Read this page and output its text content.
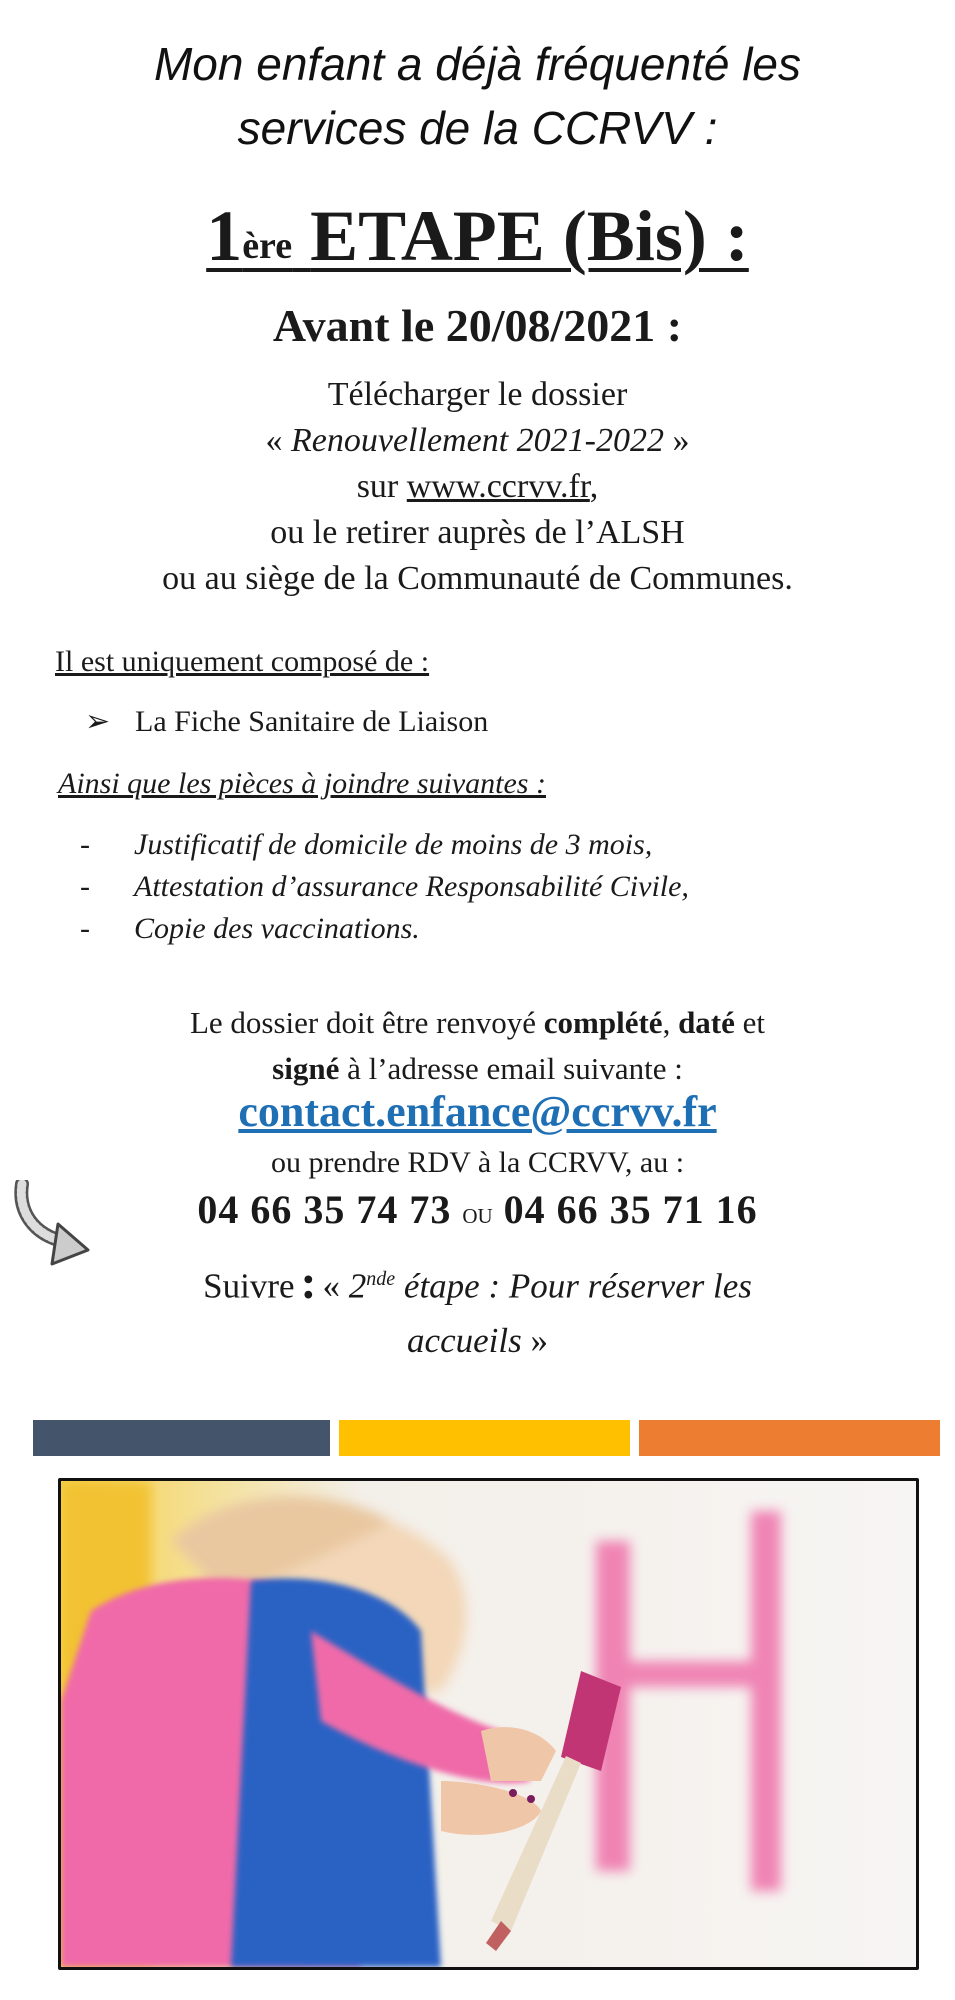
Mon enfant a déjà fréquenté les
services de la CCRVV :
1ère ETAPE (Bis) :
Avant le 20/08/2021 :
Télécharger le dossier
« Renouvellement 2021-2022 »
sur www.ccrvv.fr,
ou le retirer auprès de l’ALSH
ou au siège de la Communauté de Communes.
Il est uniquement composé de :
➢ La Fiche Sanitaire de Liaison
Ainsi que les pièces à joindre suivantes :
-	Justificatif de domicile de moins de 3 mois,
-	Attestation d’assurance Responsabilité Civile,
-	Copie des vaccinations.
Le dossier doit être renvoyé complété, daté et
signé à l’adresse email suivante :
contact.enfance@ccrvv.fr
ou prendre RDV à la CCRVV, au :
04 66 35 74 73 ou 04 66 35 71 16
Suivre : « 2nde étape : Pour réserver les
accueils »
